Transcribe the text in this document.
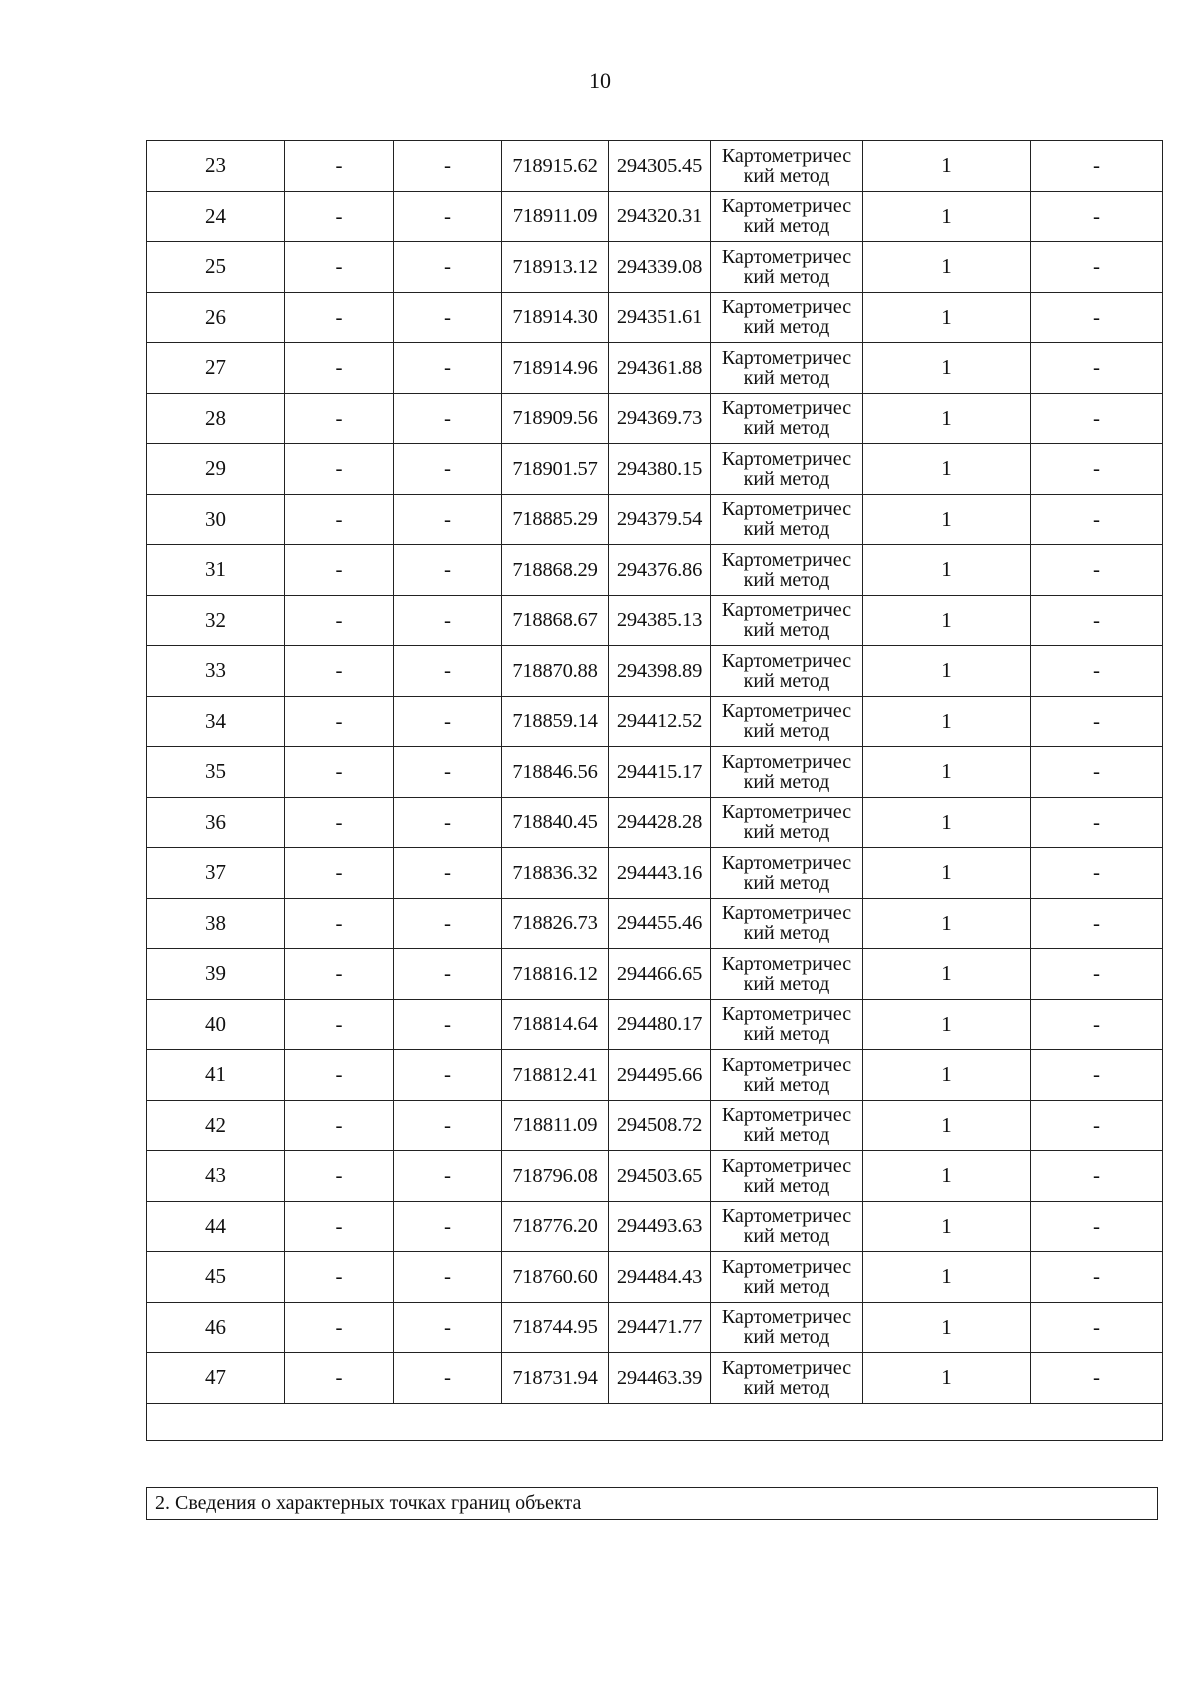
10
23	-	-	718915.62	294305.45	Картометричес
кий метод	1	-
24	-	-	718911.09	294320.31	Картометричес
кий метод	1	-
25	-	-	718913.12	294339.08	Картометричес
кий метод	1	-
26	-	-	718914.30	294351.61	Картометричес
кий метод	1	-
27	-	-	718914.96	294361.88	Картометричес
кий метод	1	-
28	-	-	718909.56	294369.73	Картометричес
кий метод	1	-
29	-	-	718901.57	294380.15	Картометричес
кий метод	1	-
30	-	-	718885.29	294379.54	Картометричес
кий метод	1	-
31	-	-	718868.29	294376.86	Картометричес
кий метод	1	-
32	-	-	718868.67	294385.13	Картометричес
кий метод	1	-
33	-	-	718870.88	294398.89	Картометричес
кий метод	1	-
34	-	-	718859.14	294412.52	Картометричес
кий метод	1	-
35	-	-	718846.56	294415.17	Картометричес
кий метод	1	-
36	-	-	718840.45	294428.28	Картометричес
кий метод	1	-
37	-	-	718836.32	294443.16	Картометричес
кий метод	1	-
38	-	-	718826.73	294455.46	Картометричес
кий метод	1	-
39	-	-	718816.12	294466.65	Картометричес
кий метод	1	-
40	-	-	718814.64	294480.17	Картометричес
кий метод	1	-
41	-	-	718812.41	294495.66	Картометричес
кий метод	1	-
42	-	-	718811.09	294508.72	Картометричес
кий метод	1	-
43	-	-	718796.08	294503.65	Картометричес
кий метод	1	-
44	-	-	718776.20	294493.63	Картометричес
кий метод	1	-
45	-	-	718760.60	294484.43	Картометричес
кий метод	1	-
46	-	-	718744.95	294471.77	Картометричес
кий метод	1	-
47	-	-	718731.94	294463.39	Картометричес
кий метод	1	-

2. Сведения о характерных точках границ объекта
